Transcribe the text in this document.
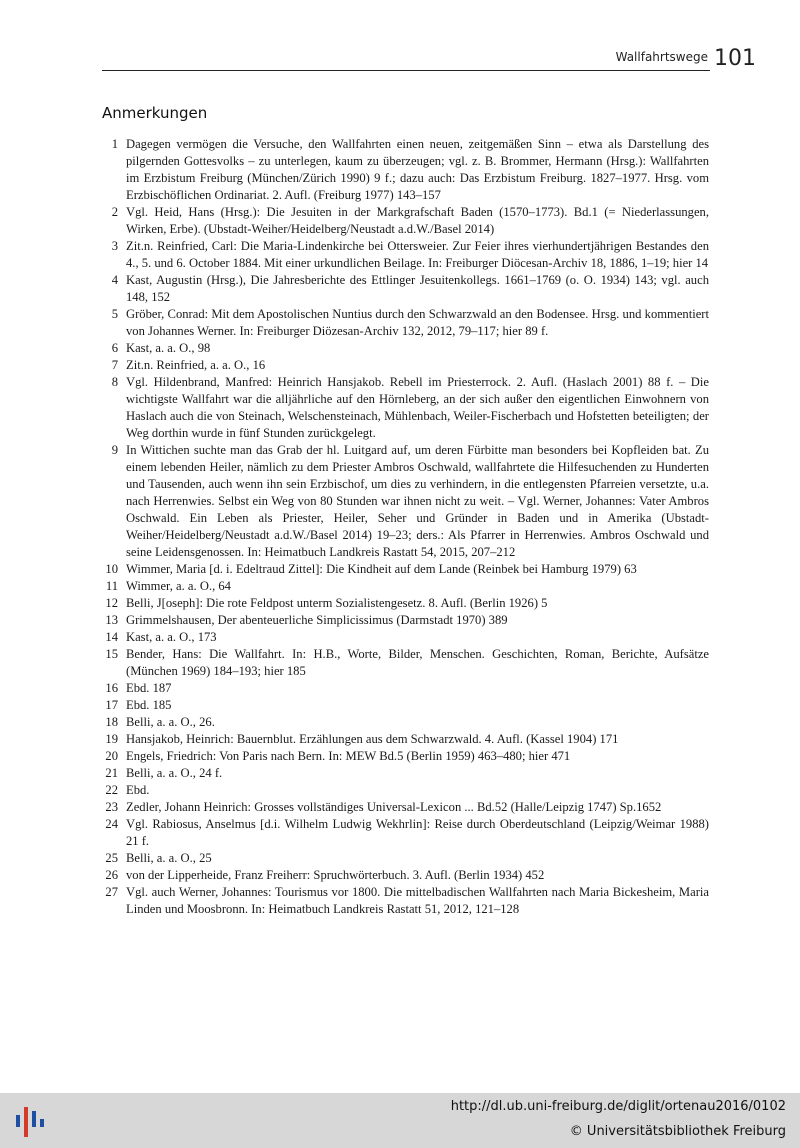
Wallfahrtswege 101
Anmerkungen
1 Dagegen vermögen die Versuche, den Wallfahrten einen neuen, zeitgemäßen Sinn – etwa als Darstellung des pilgernden Gottesvolks – zu unterlegen, kaum zu überzeugen; vgl. z. B. Brommer, Hermann (Hrsg.): Wallfahrten im Erzbistum Freiburg (München/Zürich 1990) 9 f.; dazu auch: Das Erzbistum Freiburg. 1827–1977. Hrsg. vom Erzbischöflichen Ordinariat. 2. Aufl. (Freiburg 1977) 143–157
2 Vgl. Heid, Hans (Hrsg.): Die Jesuiten in der Markgrafschaft Baden (1570–1773). Bd.1 (= Niederlassungen, Wirken, Erbe). (Ubstadt-Weiher/Heidelberg/Neustadt a.d.W./Basel 2014)
3 Zit.n. Reinfried, Carl: Die Maria-Lindenkirche bei Ottersweier. Zur Feier ihres vierhundertjährigen Bestandes den 4., 5. und 6. October 1884. Mit einer urkundlichen Beilage. In: Freiburger Diöcesan-Archiv 18, 1886, 1–19; hier 14
4 Kast, Augustin (Hrsg.), Die Jahresberichte des Ettlinger Jesuitenkollegs. 1661–1769 (o. O. 1934) 143; vgl. auch 148, 152
5 Gröber, Conrad: Mit dem Apostolischen Nuntius durch den Schwarzwald an den Bodensee. Hrsg. und kommentiert von Johannes Werner. In: Freiburger Diözesan-Archiv 132, 2012, 79–117; hier 89 f.
6 Kast, a. a. O., 98
7 Zit.n. Reinfried, a. a. O., 16
8 Vgl. Hildenbrand, Manfred: Heinrich Hansjakob. Rebell im Priesterrock. 2. Aufl. (Haslach 2001) 88 f. – Die wichtigste Wallfahrt war die alljährliche auf den Hörnleberg, an der sich außer den eigentlichen Einwohnern von Haslach auch die von Steinach, Welschensteinach, Mühlenbach, Weiler-Fischerbach und Hofstetten beteiligten; der Weg dorthin wurde in fünf Stunden zurückgelegt.
9 In Wittichen suchte man das Grab der hl. Luitgard auf, um deren Fürbitte man besonders bei Kopfleiden bat. Zu einem lebenden Heiler, nämlich zu dem Priester Ambros Oschwald, wallfahrtete die Hilfesuchenden zu Hunderten und Tausenden, auch wenn ihn sein Erzbischof, um dies zu verhindern, in die entlegensten Pfarreien versetzte, u.a. nach Herrenwies. Selbst ein Weg von 80 Stunden war ihnen nicht zu weit. – Vgl. Werner, Johannes: Vater Ambros Oschwald. Ein Leben als Priester, Heiler, Seher und Gründer in Baden und in Amerika (Ubstadt-Weiher/Heidelberg/Neustadt a.d.W./Basel 2014) 19–23; ders.: Als Pfarrer in Herrenwies. Ambros Oschwald und seine Leidensgenossen. In: Heimatbuch Landkreis Rastatt 54, 2015, 207–212
10 Wimmer, Maria [d. i. Edeltraud Zittel]: Die Kindheit auf dem Lande (Reinbek bei Hamburg 1979) 63
11 Wimmer, a. a. O., 64
12 Belli, J[oseph]: Die rote Feldpost unterm Sozialistengesetz. 8. Aufl. (Berlin 1926) 5
13 Grimmelshausen, Der abenteuerliche Simplicissimus (Darmstadt 1970) 389
14 Kast, a. a. O., 173
15 Bender, Hans: Die Wallfahrt. In: H.B., Worte, Bilder, Menschen. Geschichten, Roman, Berichte, Aufsätze (München 1969) 184–193; hier 185
16 Ebd. 187
17 Ebd. 185
18 Belli, a. a. O., 26.
19 Hansjakob, Heinrich: Bauernblut. Erzählungen aus dem Schwarzwald. 4. Aufl. (Kassel 1904) 171
20 Engels, Friedrich: Von Paris nach Bern. In: MEW Bd.5 (Berlin 1959) 463–480; hier 471
21 Belli, a. a. O., 24 f.
22 Ebd.
23 Zedler, Johann Heinrich: Grosses vollständiges Universal-Lexicon ... Bd.52 (Halle/Leipzig 1747) Sp.1652
24 Vgl. Rabiosus, Anselmus [d.i. Wilhelm Ludwig Wekhrlin]: Reise durch Oberdeutschland (Leipzig/Weimar 1988) 21 f.
25 Belli, a. a. O., 25
26 von der Lipperheide, Franz Freiherr: Spruchwörterbuch. 3. Aufl. (Berlin 1934) 452
27 Vgl. auch Werner, Johannes: Tourismus vor 1800. Die mittelbadischen Wallfahrten nach Maria Bickesheim, Maria Linden und Moosbronn. In: Heimatbuch Landkreis Rastatt 51, 2012, 121–128
http://dl.ub.uni-freiburg.de/diglit/ortenau2016/0102
© Universitätsbibliothek Freiburg
